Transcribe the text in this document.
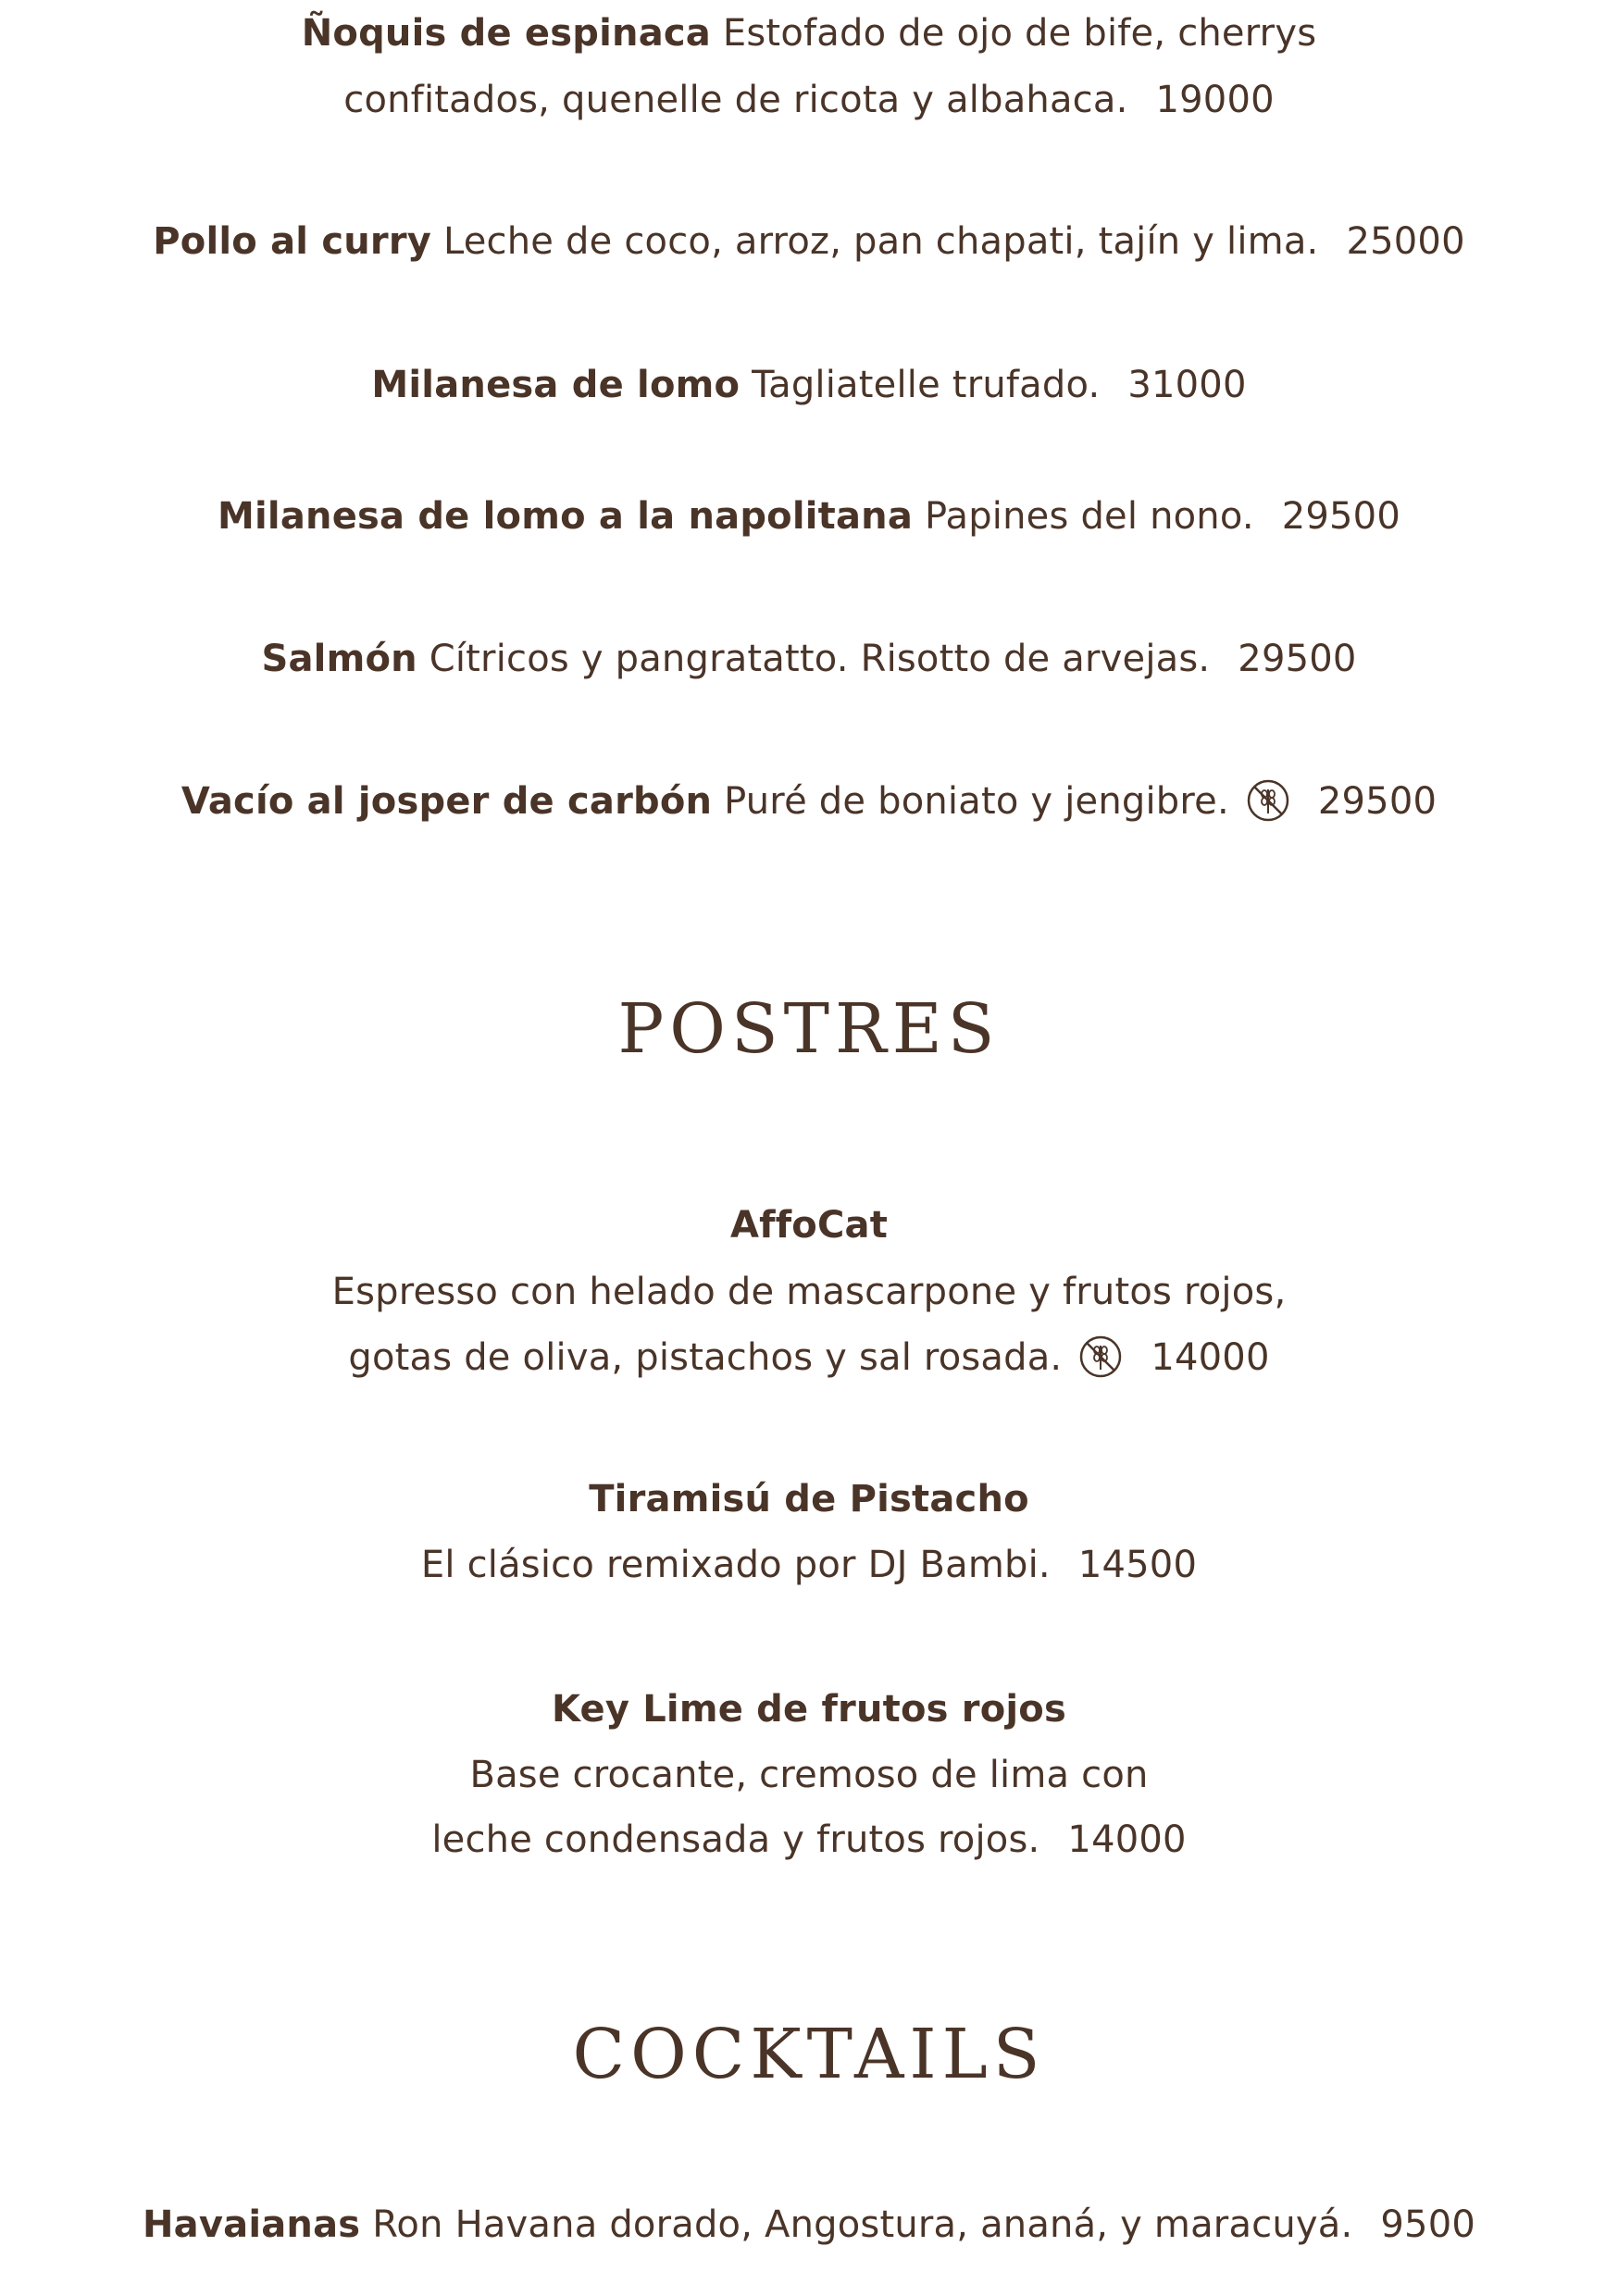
Ñoquis de espinaca Estofado de ojo de bife, cherrys
confitados, quenelle de ricota y albahaca. 19000
Pollo al curry Leche de coco, arroz, pan chapati, tajín y lima. 25000
Milanesa de lomo Tagliatelle trufado. 31000
Milanesa de lomo a la napolitana Papines del nono. 29500
Salmón Cítricos y pangratatto. Risotto de arvejas. 29500
Vacío al josper de carbón Puré de boniato y jengibre. 29500
POSTRES
AffoCat
Espresso con helado de mascarpone y frutos rojos,
gotas de oliva, pistachos y sal rosada. 14000
Tiramisú de Pistacho
El clásico remixado por DJ Bambi. 14500
Key Lime de frutos rojos
Base crocante, cremoso de lima con
leche condensada y frutos rojos. 14000
COCKTAILS
Havaianas Ron Havana dorado, Angostura, ananá, y maracuyá. 9500
